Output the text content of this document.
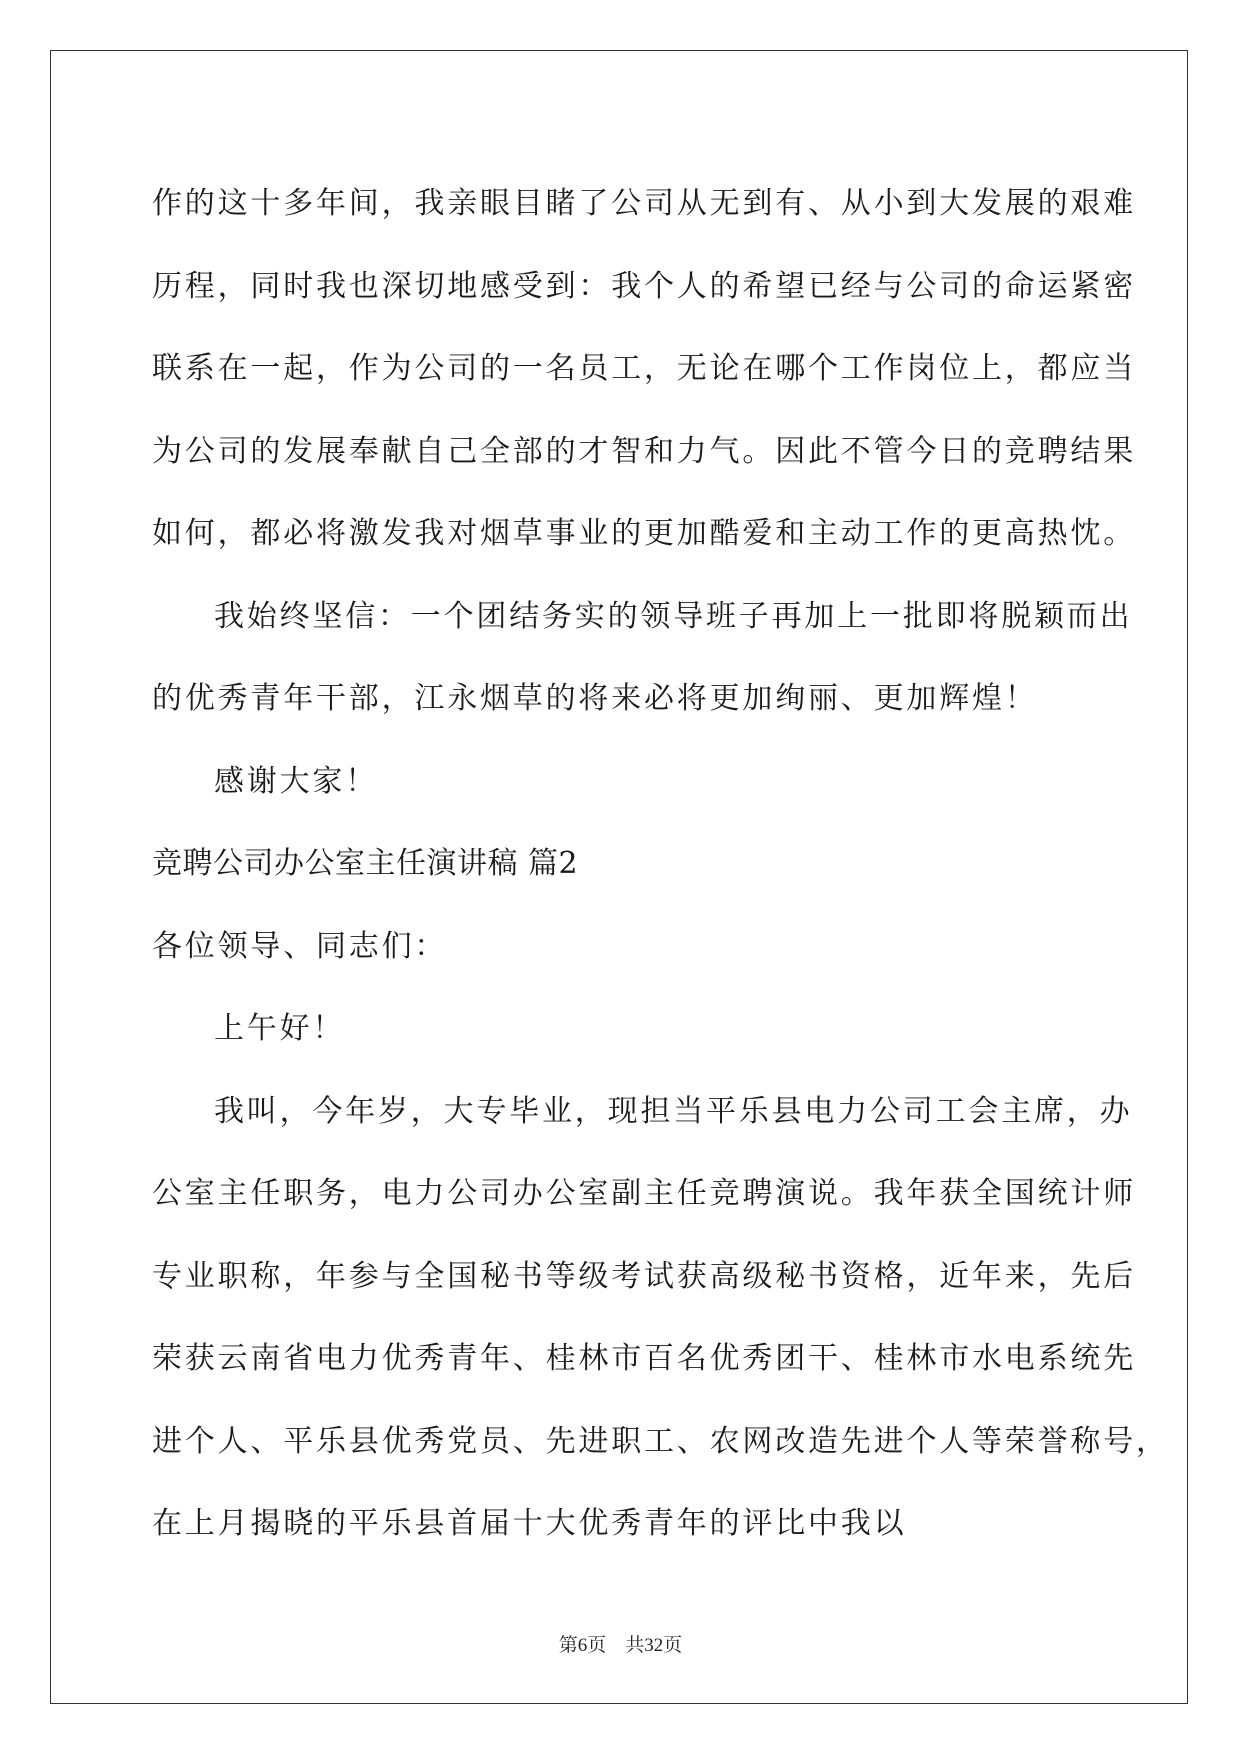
作的这十多年间，我亲眼目睹了公司从无到有、从小到大发展的艰难
历程，同时我也深切地感受到：我个人的希望已经与公司的命运紧密
联系在一起，作为公司的一名员工，无论在哪个工作岗位上，都应当
为公司的发展奉献自己全部的才智和力气。因此不管今日的竞聘结果
如何，都必将激发我对烟草事业的更加酷爱和主动工作的更高热忱。
我始终坚信：一个团结务实的领导班子再加上一批即将脱颖而出
的优秀青年干部，江永烟草的将来必将更加绚丽、更加辉煌！
感谢大家！
竞聘公司办公室主任演讲稿 篇2
各位领导、同志们：
上午好！
我叫，今年岁，大专毕业，现担当平乐县电力公司工会主席，办
公室主任职务，电力公司办公室副主任竞聘演说。我年获全国统计师
专业职称，年参与全国秘书等级考试获高级秘书资格，近年来，先后
荣获云南省电力优秀青年、桂林市百名优秀团干、桂林市水电系统先
进个人、平乐县优秀党员、先进职工、农网改造先进个人等荣誉称号，
在上月揭晓的平乐县首届十大优秀青年的评比中我以
第6页 共32页
